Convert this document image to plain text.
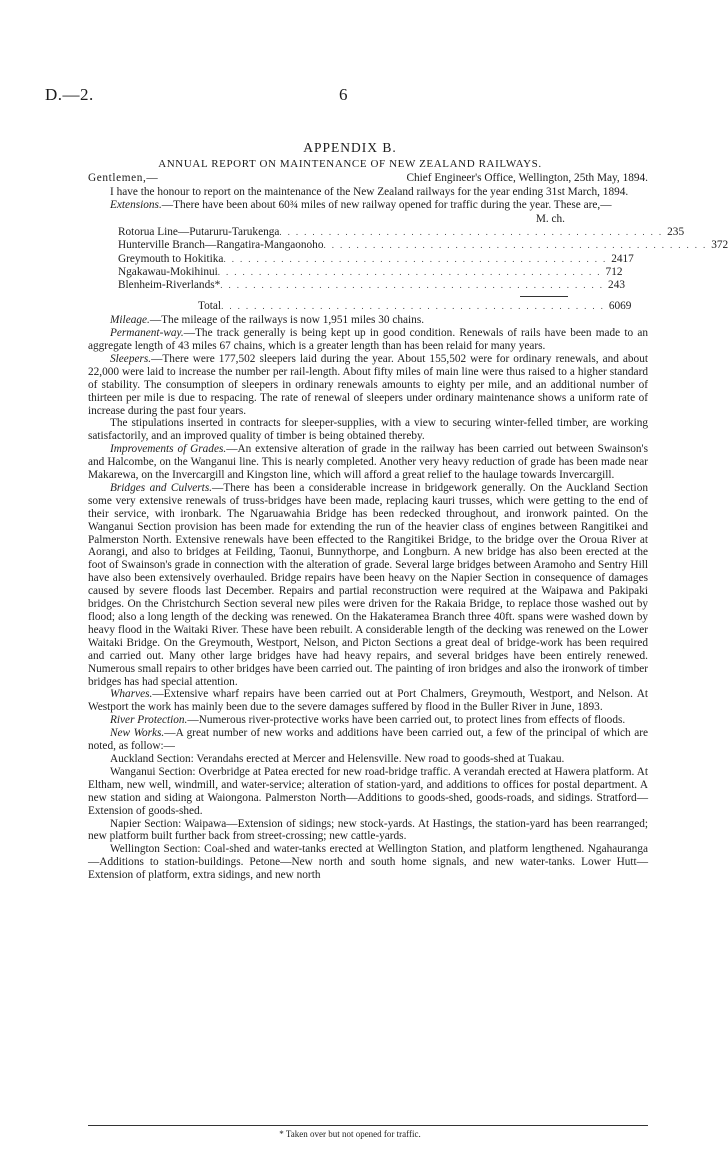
D.—2.	6
APPENDIX B.
ANNUAL REPORT ON MAINTENANCE OF NEW ZEALAND RAILWAYS.
Gentlemen,—	Chief Engineer's Office, Wellington, 25th May, 1894.

I have the honour to report on the maintenance of the New Zealand railways for the year ending 31st March, 1894.

Extensions.—There have been about 60¾ miles of new railway opened for traffic during the year. These are,—

M. ch.
Rotorua Line—Putaruru-Tarukenga ............................................... 23 5
Hunterville Branch—Rangatira-Mangaonoho ............................................... 3 72
Greymouth to Hokitika ............................................... 24 17
Ngakawau-Mokihinui ............................................... 7 12
Blenheim-Riverlands* ............................................... 2 43
Total ............................................... 60 69

Mileage.—The mileage of the railways is now 1,951 miles 30 chains.

Permanent-way.—The track generally is being kept up in good condition. Renewals of rails have been made to an aggregate length of 43 miles 67 chains, which is a greater length than has been relaid for many years.

Sleepers.—There were 177,502 sleepers laid during the year. About 155,502 were for ordinary renewals, and about 22,000 were laid to increase the number per rail-length. About fifty miles of main line were thus raised to a higher standard of stability. The consumption of sleepers in ordinary renewals amounts to eighty per mile, and an additional number of thirteen per mile is due to respacing. The rate of renewal of sleepers under ordinary maintenance shows a uniform rate of increase during the past four years.

The stipulations inserted in contracts for sleeper-supplies, with a view to securing winter-felled timber, are working satisfactorily, and an improved quality of timber is being obtained thereby.

Improvements of Grades.—An extensive alteration of grade in the railway has been carried out between Swainson's and Halcombe, on the Wanganui line. This is nearly completed. Another very heavy reduction of grade has been made near Makarewa, on the Invercargill and Kingston line, which will afford a great relief to the haulage towards Invercargill.

Bridges and Culverts.—There has been a considerable increase in bridgework generally. On the Auckland Section some very extensive renewals of truss-bridges have been made, replacing kauri trusses, which were getting to the end of their service, with ironbark. The Ngaruawahia Bridge has been redecked throughout, and ironwork painted. On the Wanganui Section provision has been made for extending the run of the heavier class of engines between Rangitikei and Palmerston North. Extensive renewals have been effected to the Rangitikei Bridge, to the bridge over the Oroua River at Aorangi, and also to bridges at Feilding, Taonui, Bunnythorpe, and Longburn. A new bridge has also been erected at the foot of Swainson's grade in connection with the alteration of grade. Several large bridges between Aramoho and Sentry Hill have also been extensively overhauled. Bridge repairs have been heavy on the Napier Section in consequence of damages caused by severe floods last December. Repairs and partial reconstruction were required at the Waipawa and Pakipaki bridges. On the Christchurch Section several new piles were driven for the Rakaia Bridge, to replace those washed out by flood; also a long length of the decking was renewed. On the Hakateramea Branch three 40ft. spans were washed down by heavy flood in the Waitaki River. These have been rebuilt. A considerable length of the decking was renewed on the Lower Waitaki Bridge. On the Greymouth, Westport, Nelson, and Picton Sections a great deal of bridge-work has been required and carried out. Many other large bridges have had heavy repairs, and several bridges have been entirely renewed. Numerous small repairs to other bridges have been carried out. The painting of iron bridges and also the ironwork of timber bridges has had special attention.

Wharves.—Extensive wharf repairs have been carried out at Port Chalmers, Greymouth, Westport, and Nelson. At Westport the work has mainly been due to the severe damages suffered by flood in the Buller River in June, 1893.

River Protection.—Numerous river-protective works have been carried out, to protect lines from effects of floods.

New Works.—A great number of new works and additions have been carried out, a few of the principal of which are noted, as follow:—

Auckland Section: Verandahs erected at Mercer and Helensville. New road to goods-shed at Tuakau.

Wanganui Section: Overbridge at Patea erected for new road-bridge traffic. A verandah erected at Hawera platform. At Eltham, new well, windmill, and water-service; alteration of station-yard, and additions to offices for postal department. A new station and siding at Waiongona. Palmerston North—Additions to goods-shed, goods-roads, and sidings. Stratford—Extension of goods-shed.

Napier Section: Waipawa—Extension of sidings; new stock-yards. At Hastings, the station-yard has been rearranged; new platform built further back from street-crossing; new cattle-yards.

Wellington Section: Coal-shed and water-tanks erected at Wellington Station, and platform lengthened. Ngahauranga—Additions to station-buildings. Petone—New north and south home signals, and new water-tanks. Lower Hutt—Extension of platform, extra sidings, and new north

* Taken over but not opened for traffic.
